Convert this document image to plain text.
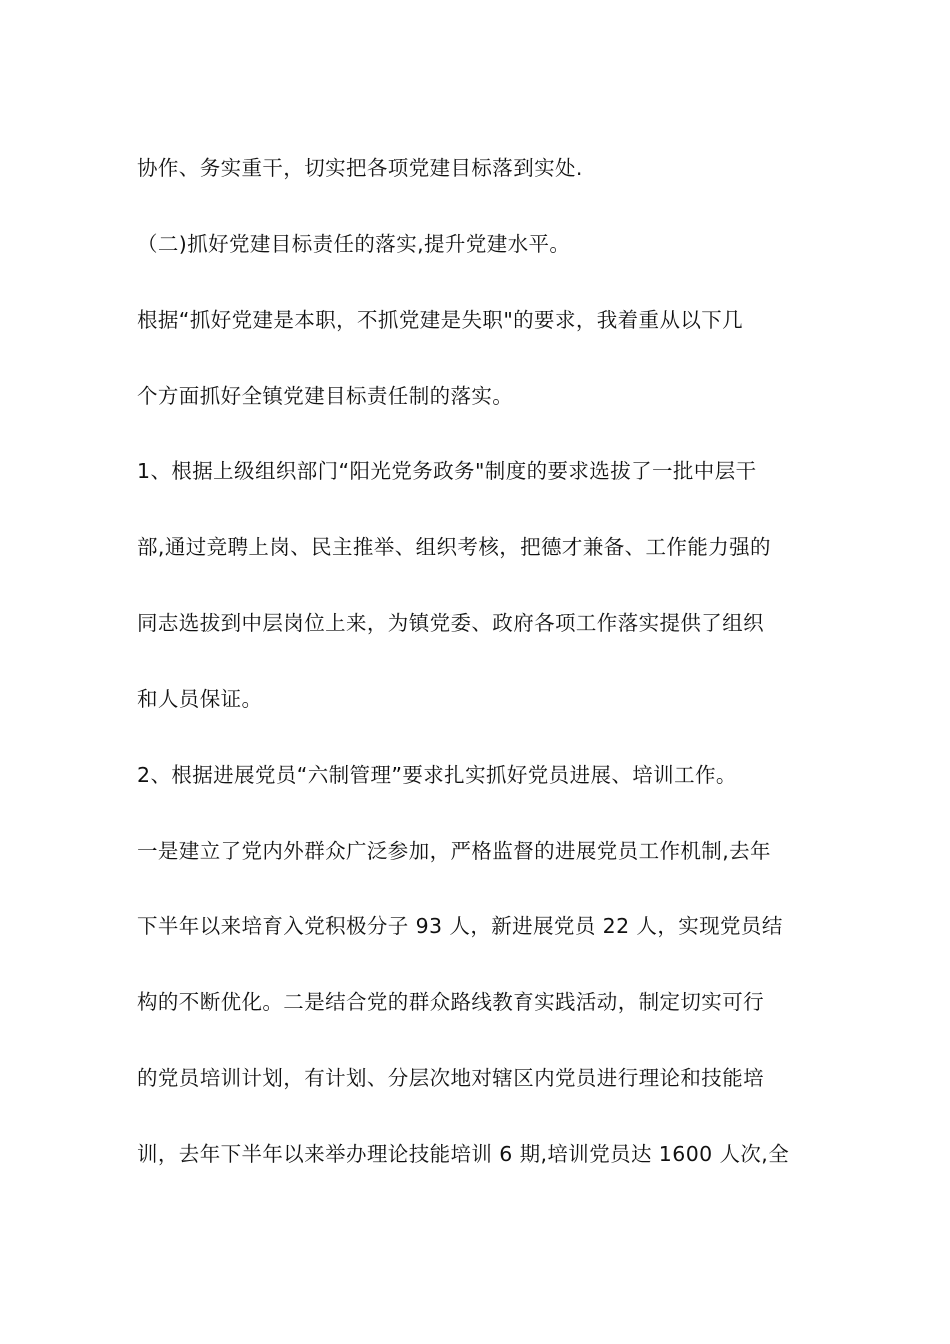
协作、务实重干，切实把各项党建目标落到实处.
（二)抓好党建目标责任的落实,提升党建水平。
根据“抓好党建是本职，不抓党建是失职"的要求，我着重从以下几
个方面抓好全镇党建目标责任制的落实。
1、根据上级组织部门“阳光党务政务"制度的要求选拔了一批中层干
部,通过竞聘上岗、民主推举、组织考核，把德才兼备、工作能力强的
同志选拔到中层岗位上来，为镇党委、政府各项工作落实提供了组织
和人员保证。
2、根据进展党员“六制管理”要求扎实抓好党员进展、培训工作。
一是建立了党内外群众广泛参加，严格监督的进展党员工作机制,去年
下半年以来培育入党积极分子 93 人，新进展党员 22 人，实现党员结
构的不断优化。二是结合党的群众路线教育实践活动，制定切实可行
的党员培训计划，有计划、分层次地对辖区内党员进行理论和技能培
训，去年下半年以来举办理论技能培训 6 期,培训党员达 1600 人次,全
